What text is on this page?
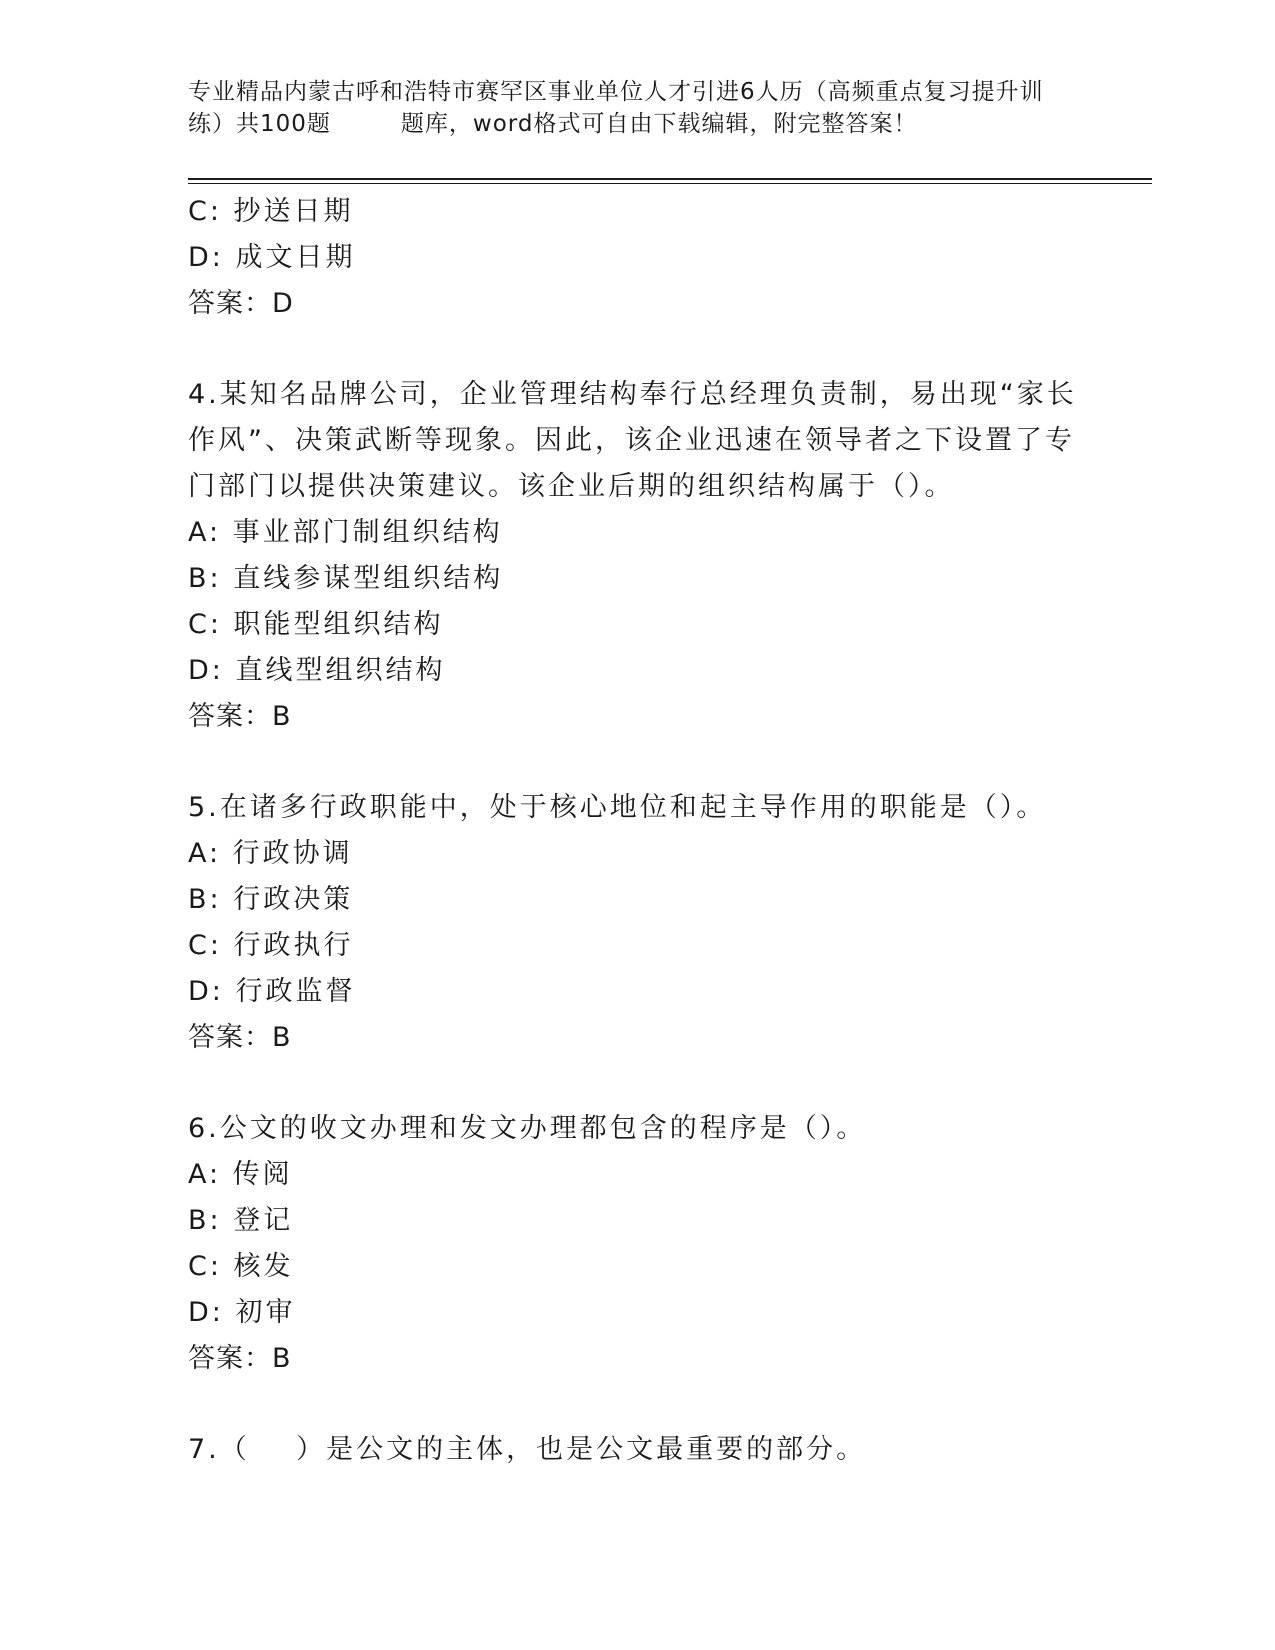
专业精品内蒙古呼和浩特市赛罕区事业单位人才引进6人历（高频重点复习提升训
练）共100题	题库，word格式可自由下载编辑，附完整答案！
C: 抄送日期
D: 成文日期
答案：D
4.某知名品牌公司，企业管理结构奉行总经理负责制，易出现“家长
作风”、决策武断等现象。因此，该企业迅速在领导者之下设置了专
门部门以提供决策建议。该企业后期的组织结构属于（）。
A: 事业部门制组织结构
B: 直线参谋型组织结构
C: 职能型组织结构
D: 直线型组织结构
答案：B
5.在诸多行政职能中，处于核心地位和起主导作用的职能是（）。
A: 行政协调
B: 行政决策
C: 行政执行
D: 行政监督
答案：B
6.公文的收文办理和发文办理都包含的程序是（）。
A: 传阅
B: 登记
C: 核发
D: 初审
答案：B
7.（    ）是公文的主体，也是公文最重要的部分。
